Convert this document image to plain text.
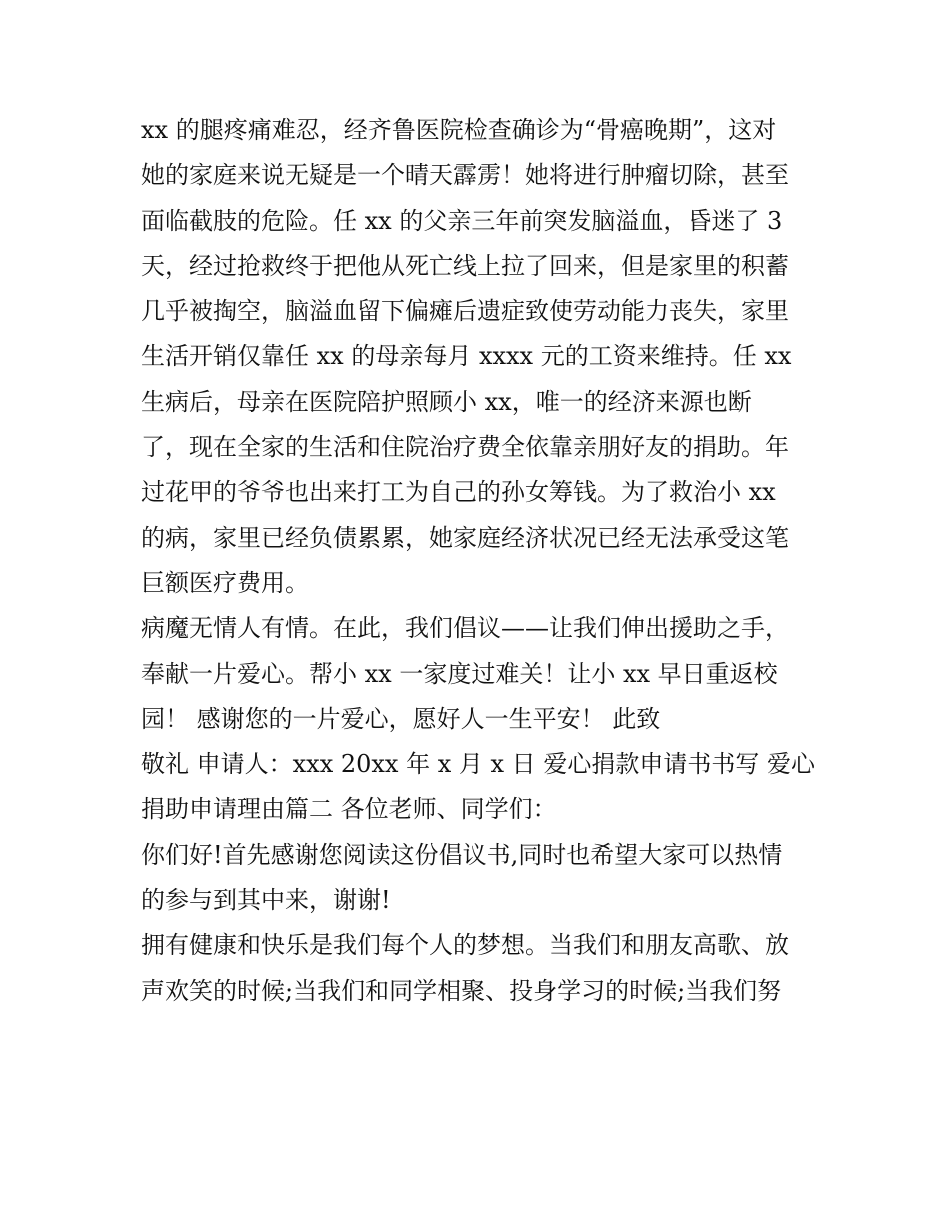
xx 的腿疼痛难忍，经齐鲁医院检查确诊为“骨癌晚期”，这对
她的家庭来说无疑是一个晴天霹雳！她将进行肿瘤切除，甚至
面临截肢的危险。任 xx 的父亲三年前突发脑溢血，昏迷了 3
天，经过抢救终于把他从死亡线上拉了回来，但是家里的积蓄
几乎被掏空，脑溢血留下偏瘫后遗症致使劳动能力丧失，家里
生活开销仅靠任 xx 的母亲每月 xxxx 元的工资来维持。任 xx
生病后，母亲在医院陪护照顾小 xx，唯一的经济来源也断
了，现在全家的生活和住院治疗费全依靠亲朋好友的捐助。年
过花甲的爷爷也出来打工为自己的孙女筹钱。为了救治小 xx
的病，家里已经负债累累，她家庭经济状况已经无法承受这笔
巨额医疗费用。
病魔无情人有情。在此，我们倡议——让我们伸出援助之手，
奉献一片爱心。帮小 xx 一家度过难关！让小 xx 早日重返校
园！ 感谢您的一片爱心，愿好人一生平安！ 此致
敬礼 申请人：xxx 20xx 年 x 月 x 日 爱心捐款申请书书写 爱心
捐助申请理由篇二 各位老师、同学们：
你们好!首先感谢您阅读这份倡议书,同时也希望大家可以热情
的参与到其中来，谢谢!
拥有健康和快乐是我们每个人的梦想。当我们和朋友高歌、放
声欢笑的时候;当我们和同学相聚、投身学习的时候;当我们努
